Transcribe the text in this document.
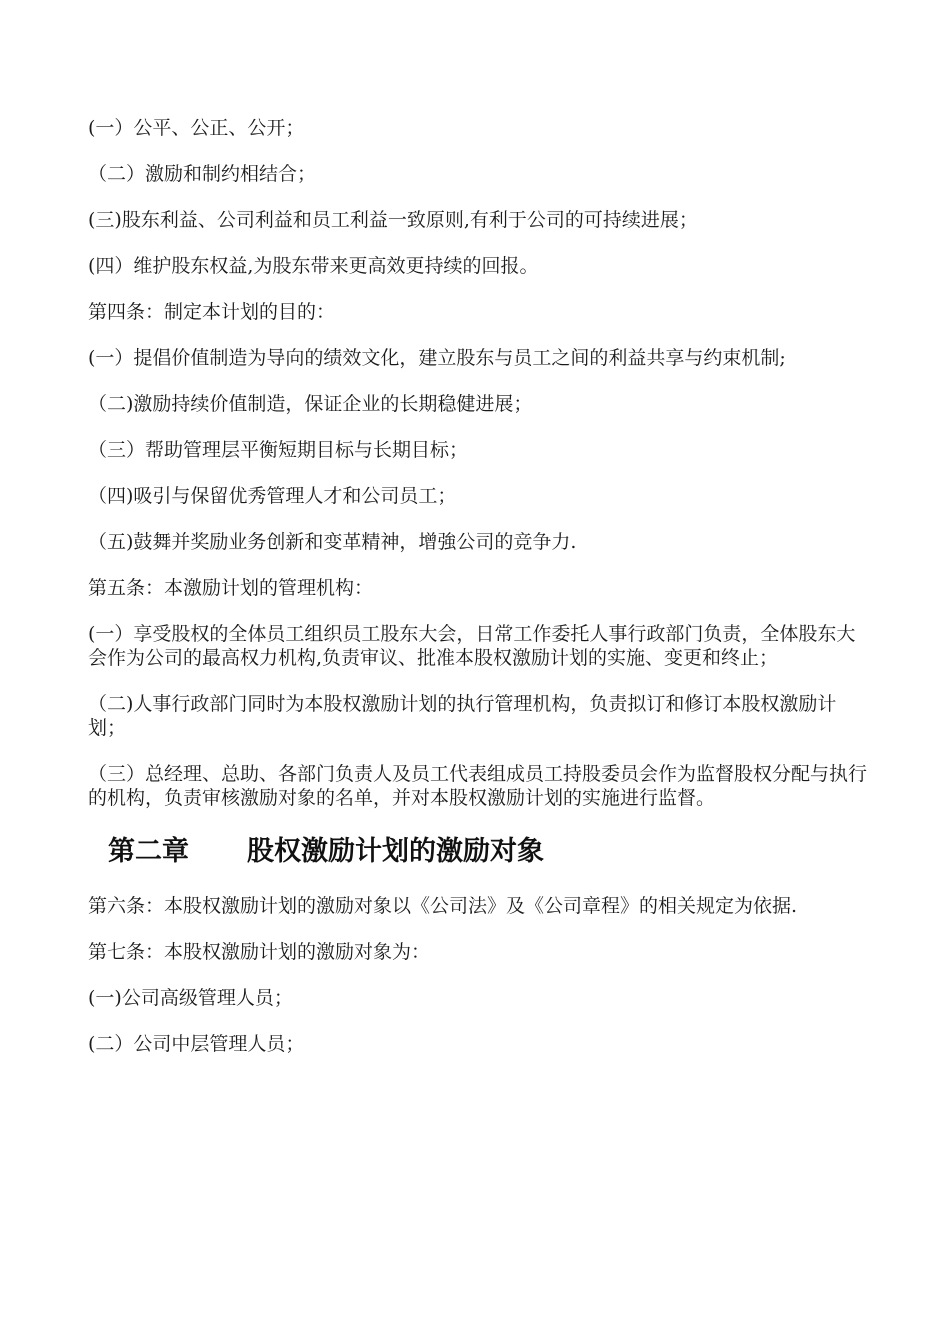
(一）公平、公正、公开；

（二）激励和制约相结合；

(三)股东利益、公司利益和员工利益一致原则,有利于公司的可持续进展；

(四）维护股东权益,为股东带来更高效更持续的回报。

第四条：制定本计划的目的：

(一）提倡价值制造为导向的绩效文化，建立股东与员工之间的利益共享与约束机制;

（二)激励持续价值制造，保证企业的长期稳健进展；

（三）帮助管理层平衡短期目标与长期目标；

（四)吸引与保留优秀管理人才和公司员工；

（五)鼓舞并奖励业务创新和变革精神，增強公司的竞争力.

第五条：本激励计划的管理机构：

(一）享受股权的全体员工组织员工股东大会，日常工作委托人事行政部门负责，全体股东大会作为公司的最高权力机构,负责审议、批准本股权激励计划的实施、变更和终止；

（二)人事行政部门同时为本股权激励计划的执行管理机构，负责拟订和修订本股权激励计划；

（三）总经理、总助、各部门负责人及员工代表组成员工持股委员会作为监督股权分配与执行的机构，负责审核激励对象的名单，并对本股权激励计划的实施进行监督。

第二章 股权激励计划的激励对象

第六条：本股权激励计划的激励对象以《公司法》及《公司章程》的相关规定为依据.

第七条：本股权激励计划的激励对象为：

(一)公司高级管理人员；

(二）公司中层管理人员；
